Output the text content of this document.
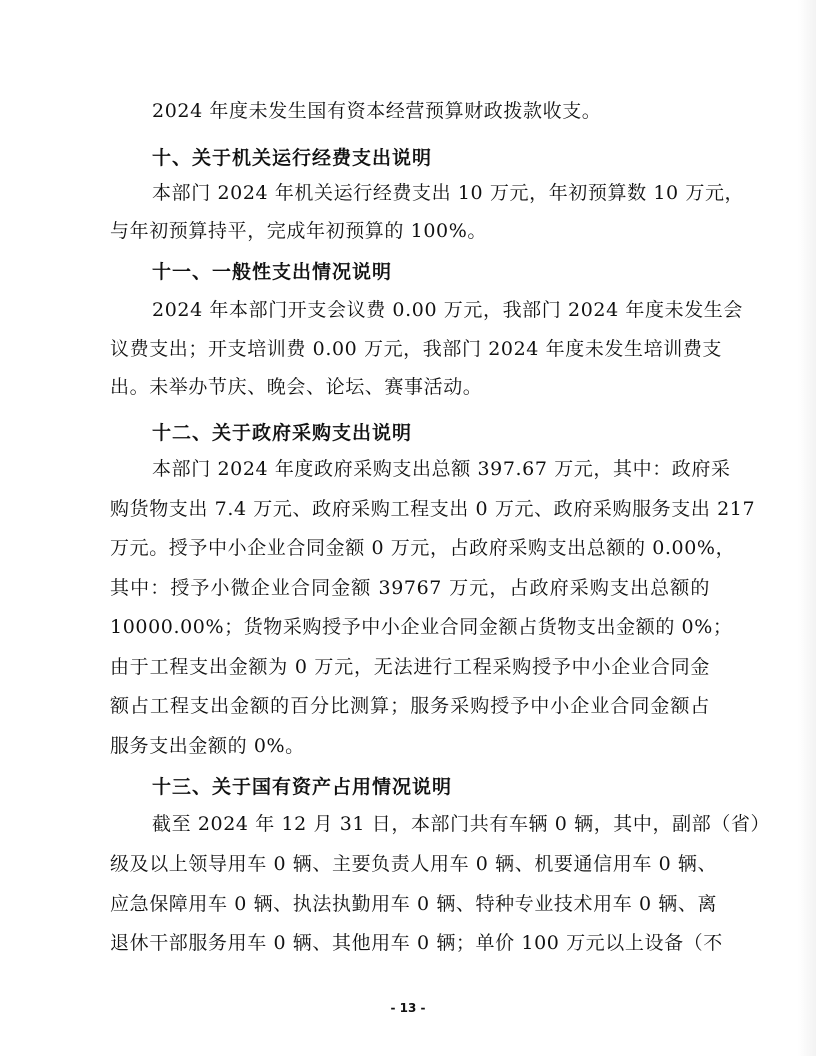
2024 年度未发生国有资本经营预算财政拨款收支。
十、关于机关运行经费支出说明
本部门 2024 年机关运行经费支出 10 万元，年初预算数 10 万元，
与年初预算持平，完成年初预算的 100%。
十一、一般性支出情况说明
2024 年本部门开支会议费 0.00 万元，我部门 2024 年度未发生会
议费支出；开支培训费 0.00 万元，我部门 2024 年度未发生培训费支
出。未举办节庆、晚会、论坛、赛事活动。
十二、关于政府采购支出说明
本部门 2024 年度政府采购支出总额 397.67 万元，其中：政府采
购货物支出 7.4 万元、政府采购工程支出 0 万元、政府采购服务支出 217
万元。授予中小企业合同金额 0 万元，占政府采购支出总额的 0.00%，
其中：授予小微企业合同金额 39767 万元，占政府采购支出总额的
10000.00%；货物采购授予中小企业合同金额占货物支出金额的 0%；
由于工程支出金额为 0 万元，无法进行工程采购授予中小企业合同金
额占工程支出金额的百分比测算；服务采购授予中小企业合同金额占
服务支出金额的 0%。
十三、关于国有资产占用情况说明
截至 2024 年 12 月 31 日，本部门共有车辆 0 辆，其中，副部（省）
级及以上领导用车 0 辆、主要负责人用车 0 辆、机要通信用车 0 辆、
应急保障用车 0 辆、执法执勤用车 0 辆、特种专业技术用车 0 辆、离
退休干部服务用车 0 辆、其他用车 0 辆；单价 100 万元以上设备（不
- 13 -
